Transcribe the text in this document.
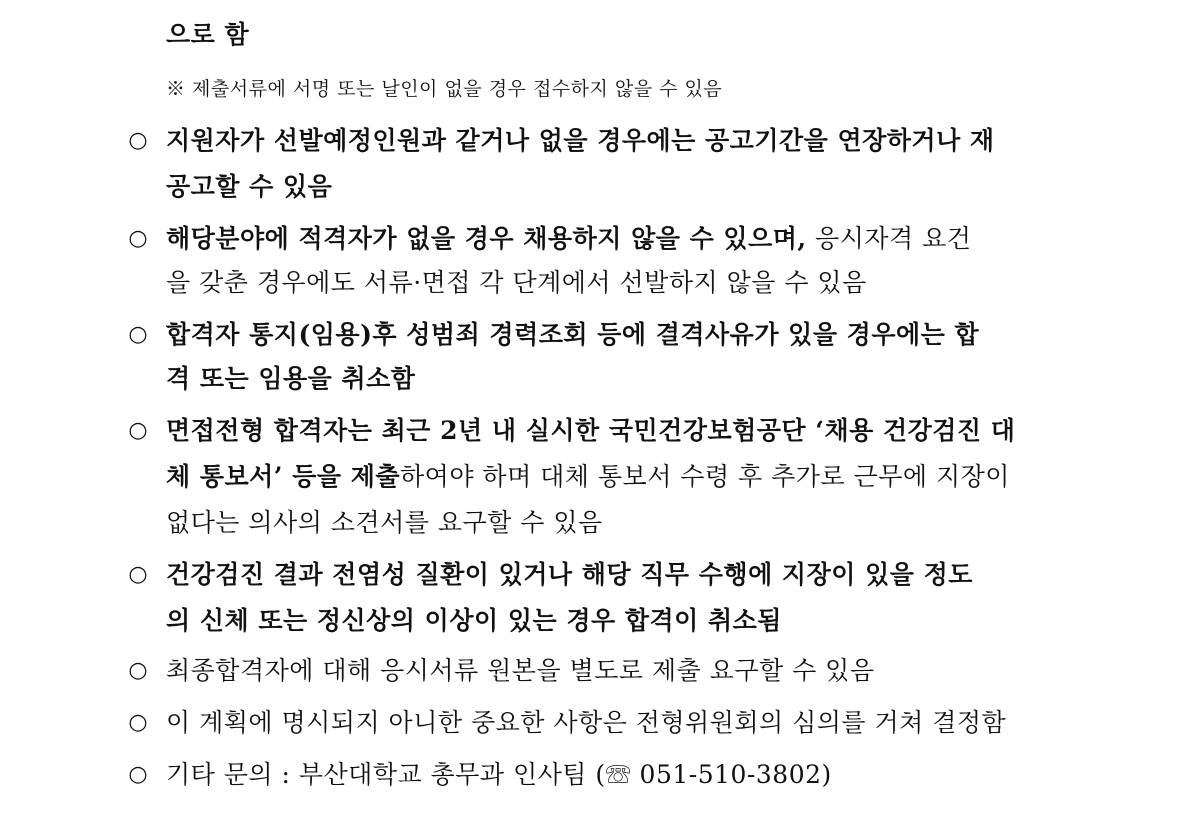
으로 함
※ 제출서류에 서명 또는 날인이 없을 경우 접수하지 않을 수 있음
○ 지원자가 선발예정인원과 같거나 없을 경우에는 공고기간을 연장하거나 재
공고할 수 있음
○ 해당분야에 적격자가 없을 경우 채용하지 않을 수 있으며, 응시자격 요건
을 갖춘 경우에도 서류·면접 각 단계에서 선발하지 않을 수 있음
○ 합격자 통지(임용)후 성범죄 경력조회 등에 결격사유가 있을 경우에는 합
격 또는 임용을 취소함
○ 면접전형 합격자는 최근 2년 내 실시한 국민건강보험공단 ‘채용 건강검진 대
체 통보서’ 등을 제출하여야 하며 대체 통보서 수령 후 추가로 근무에 지장이
없다는 의사의 소견서를 요구할 수 있음
○ 건강검진 결과 전염성 질환이 있거나 해당 직무 수행에 지장이 있을 정도
의 신체 또는 정신상의 이상이 있는 경우 합격이 취소됨
○ 최종합격자에 대해 응시서류 원본을 별도로 제출 요구할 수 있음
○ 이 계획에 명시되지 아니한 중요한 사항은 전형위원회의 심의를 거쳐 결정함
○ 기타 문의 : 부산대학교 총무과 인사팀 (☏ 051-510-3802)
